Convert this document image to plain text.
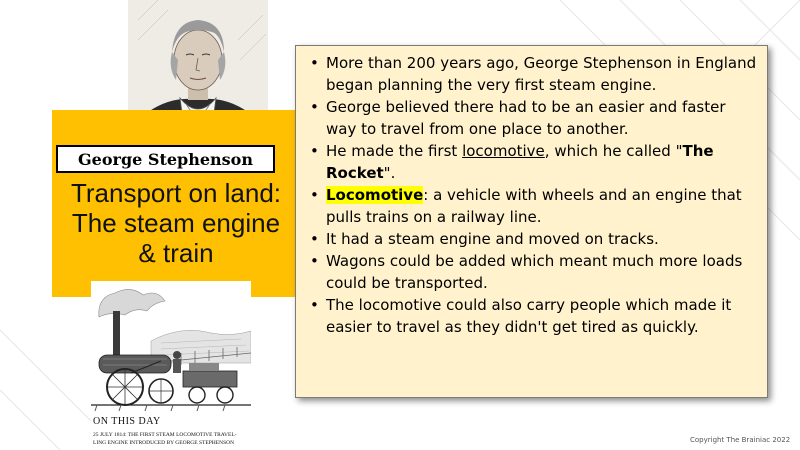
George Stephenson
Transport on land:
The steam engine
& train
ON THIS DAY
25 JULY 1814: THE FIRST STEAM LOCOMOTIVE TRAVEL-
LING ENGINE INTRODUCED BY GEORGE STEPHENSON
• More than 200 years ago, George Stephenson in England began planning the very first steam engine.
• George believed there had to be an easier and faster way to travel from one place to another.
• He made the first locomotive, which he called "The Rocket".
• Locomotive: a vehicle with wheels and an engine that pulls trains on a railway line.
• It had a steam engine and moved on tracks.
• Wagons could be added which meant much more loads could be transported.
• The locomotive could also carry people which made it easier to travel as they didn't get tired as quickly.
Copyright The Brainiac 2022
